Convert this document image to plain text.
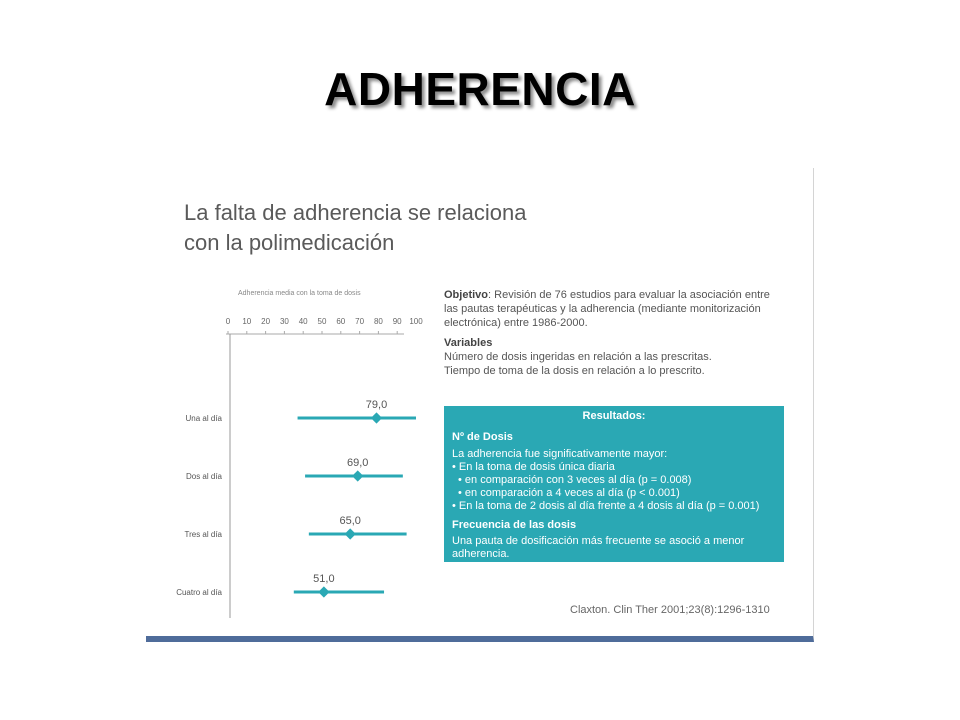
ADHERENCIA
La falta de adherencia se relaciona
con la polimedicación
Adherencia media con la toma de dosis
0 10 20 30 40 50 60 70 80 90 100
Una al día
79,0
Dos al día
69,0
Tres al día
65,0
Cuatro al día
51,0
Objetivo: Revisión de 76 estudios para evaluar la asociación entre las pautas terapéuticas y la adherencia (mediante monitorización electrónica) entre 1986-2000.
Variables
Número de dosis ingeridas en relación a las prescritas.
Tiempo de toma de la dosis en relación a lo prescrito.
Resultados:
Nº de Dosis
La adherencia fue significativamente mayor:
• En la toma de dosis única diaria
• en comparación con 3 veces al día (p = 0.008)
• en comparación a 4 veces al día (p < 0.001)
• En la toma de 2 dosis al día frente a 4 dosis al día (p = 0.001)
Frecuencia de las dosis
Una pauta de dosificación más frecuente se asoció a menor adherencia.
Claxton. Clin Ther 2001;23(8):1296-1310
